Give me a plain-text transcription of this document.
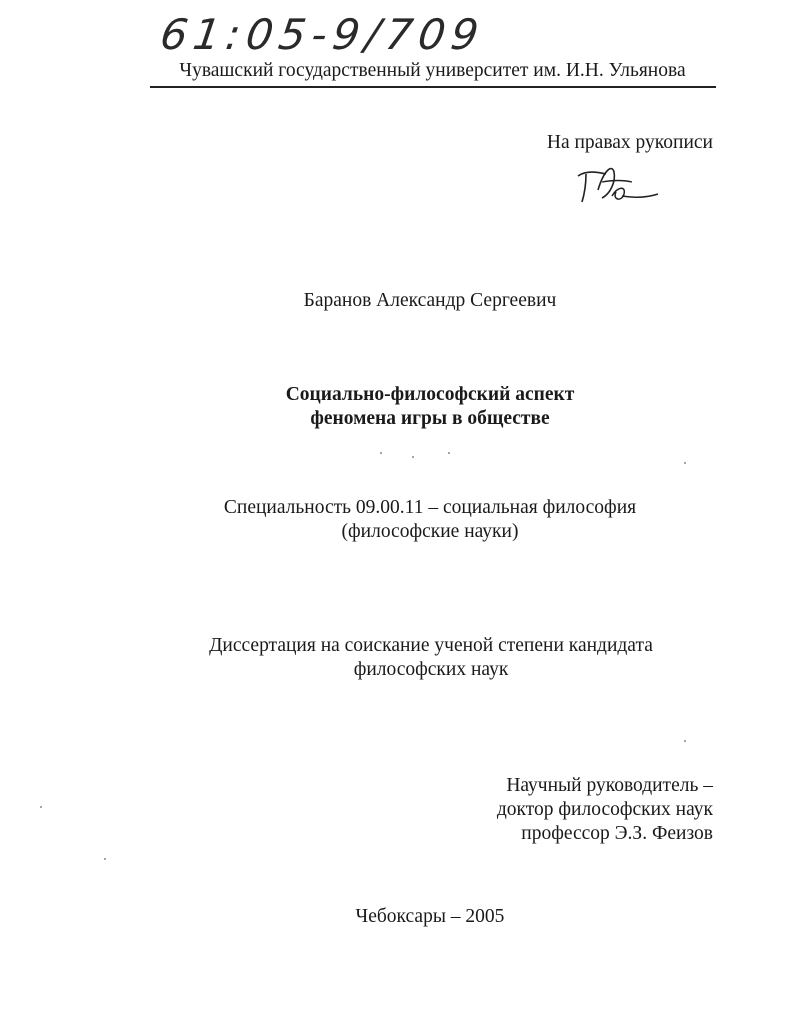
61:05-9/709
Чувашский государственный университет им. И.Н. Ульянова
На правах рукописи
Баранов Александр Сергеевич
Социально-философский аспект
феномена игры в обществе
Специальность 09.00.11 – социальная философия
(философские науки)
Диссертация на соискание ученой степени кандидата
философских наук
Научный руководитель –
доктор философских наук
профессор Э.З. Феизов
Чебоксары – 2005
